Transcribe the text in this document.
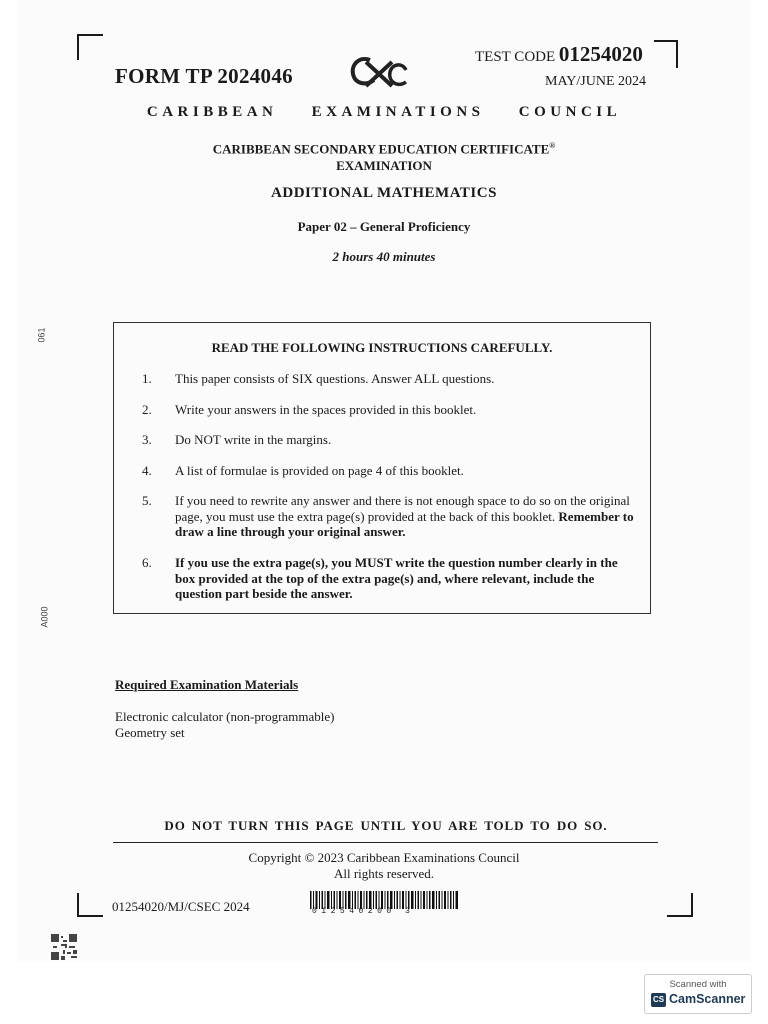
FORM TP 2024046
TEST CODE 01254020
MAY/JUNE 2024
CARIBBEAN EXAMINATIONS COUNCIL
CARIBBEAN SECONDARY EDUCATION CERTIFICATE®
EXAMINATION
ADDITIONAL MATHEMATICS
Paper 02 – General Proficiency
2 hours 40 minutes
061
A000
READ THE FOLLOWING INSTRUCTIONS CAREFULLY.
1.	This paper consists of SIX questions. Answer ALL questions.
2.	Write your answers in the spaces provided in this booklet.
3.	Do NOT write in the margins.
4.	A list of formulae is provided on page 4 of this booklet.
5.	If you need to rewrite any answer and there is not enough space to do so on the original page, you must use the extra page(s) provided at the back of this booklet. Remember to draw a line through your original answer.
6.	If you use the extra page(s), you MUST write the question number clearly in the box provided at the top of the extra page(s) and, where relevant, include the question part beside the answer.
Required Examination Materials
Electronic calculator (non-programmable)
Geometry set
DO NOT TURN THIS PAGE UNTIL YOU ARE TOLD TO DO SO.
Copyright © 2023 Caribbean Examinations Council
All rights reserved.
01254020/MJ/CSEC 2024	012540200 3
Scanned with
CS CamScanner
